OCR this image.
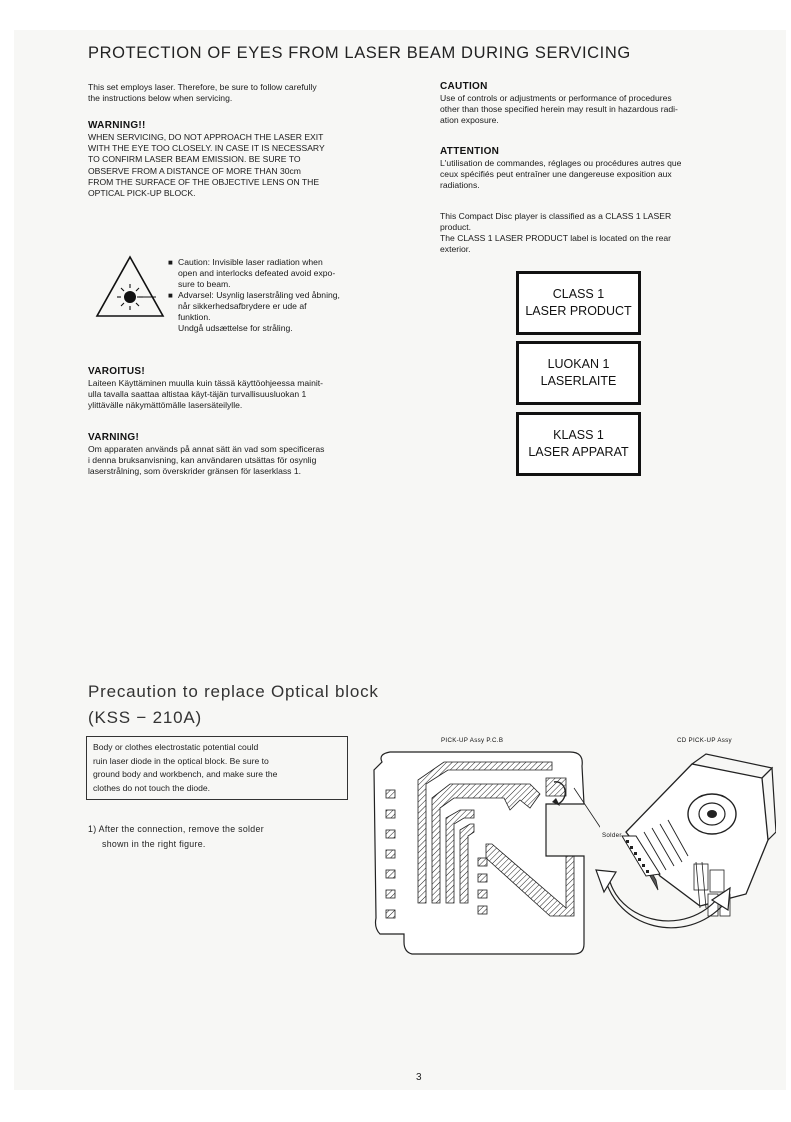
PROTECTION OF EYES FROM LASER BEAM DURING SERVICING
This set employs laser. Therefore, be sure to follow carefully
the instructions below when servicing.
WARNING!!
WHEN SERVICING, DO NOT APPROACH THE LASER EXIT
WITH THE EYE TOO CLOSELY. IN CASE IT IS NECESSARY
TO CONFIRM LASER BEAM EMISSION. BE SURE TO
OBSERVE FROM A DISTANCE OF MORE THAN 30cm
FROM THE SURFACE OF THE OBJECTIVE LENS ON THE
OPTICAL PICK-UP BLOCK.
■ Caution: Invisible laser radiation when
open and interlocks defeated avoid expo-
sure to beam.
■ Advarsel: Usynlig laserstråling ved åbning,
når sikkerhedsafbrydere er ude af
funktion.
Undgå udsættelse for stråling.
VAROITUS!
Laiteen Käyttäminen muulla kuin tässä käyttöohjeessa mainit-
ulla tavalla saattaa altistaa käyt-täjän turvallisuusluokan 1
ylittävälle näkymättömälle lasersäteilylle.
VARNING!
Om apparaten används på annat sätt än vad som specificeras
i denna bruksanvisning, kan användaren utsättas för osynlig
laserstrålning, som överskrider gränsen för laserklass 1.
CAUTION
Use of controls or adjustments or performance of procedures
other than those specified herein may result in hazardous radi-
ation exposure.
ATTENTION
L'utilisation de commandes, réglages ou procédures autres que
ceux spécifiés peut entraîner une dangereuse exposition aux
radiations.
This Compact Disc player is classified as a CLASS 1 LASER
product.
The CLASS 1 LASER PRODUCT label is located on the rear
exterior.
CLASS 1
LASER PRODUCT
LUOKAN 1
LASERLAITE
KLASS 1
LASER APPARAT
Precaution to replace Optical block
(KSS − 210A)
Body or clothes electrostatic potential could
ruin laser diode in the optical block. Be sure to
ground body and workbench, and make sure the
clothes do not touch the diode.
1) After the connection, remove the solder
shown in the right figure.
PICK-UP Assy P.C.B	CD PICK-UP Assy
Solder
3
